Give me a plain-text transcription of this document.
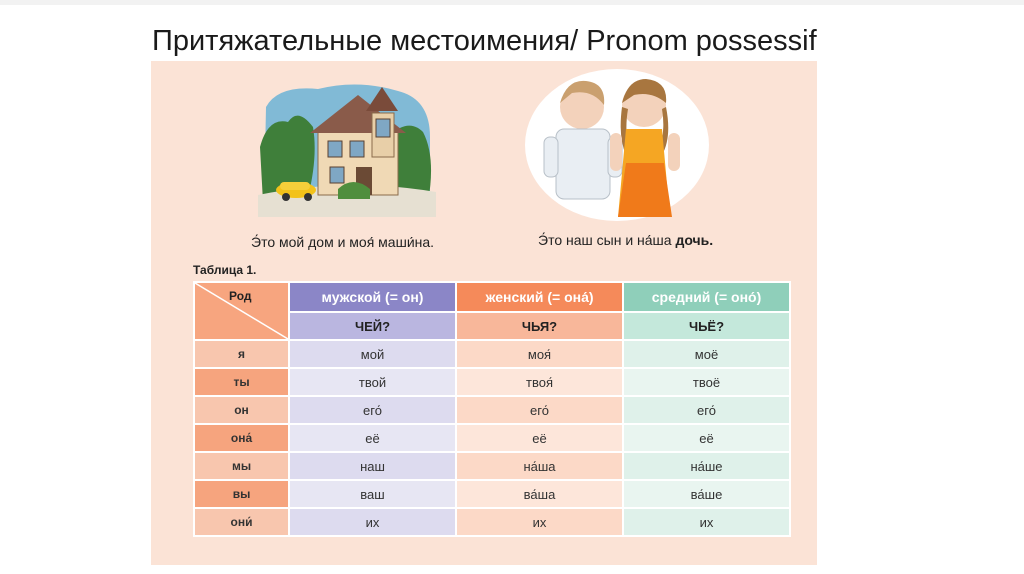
Притяжательные местоимения/ Pronom possessif
Э́то мой дом и моя́ маши́на.	Э́то наш сын и на́ша дочь.
Таблица 1.
Род	мужской (= он)	женский (= она́)	средний (= оно́)
	ЧЕЙ?	ЧЬЯ?	ЧЬЁ?
я	мой	моя́	моё
ты	твой	твоя́	твоё
он	его́	его́	его́
она́	её	её	её
мы	наш	на́ша	на́ше
вы	ваш	ва́ша	ва́ше
они́	их	их	их
